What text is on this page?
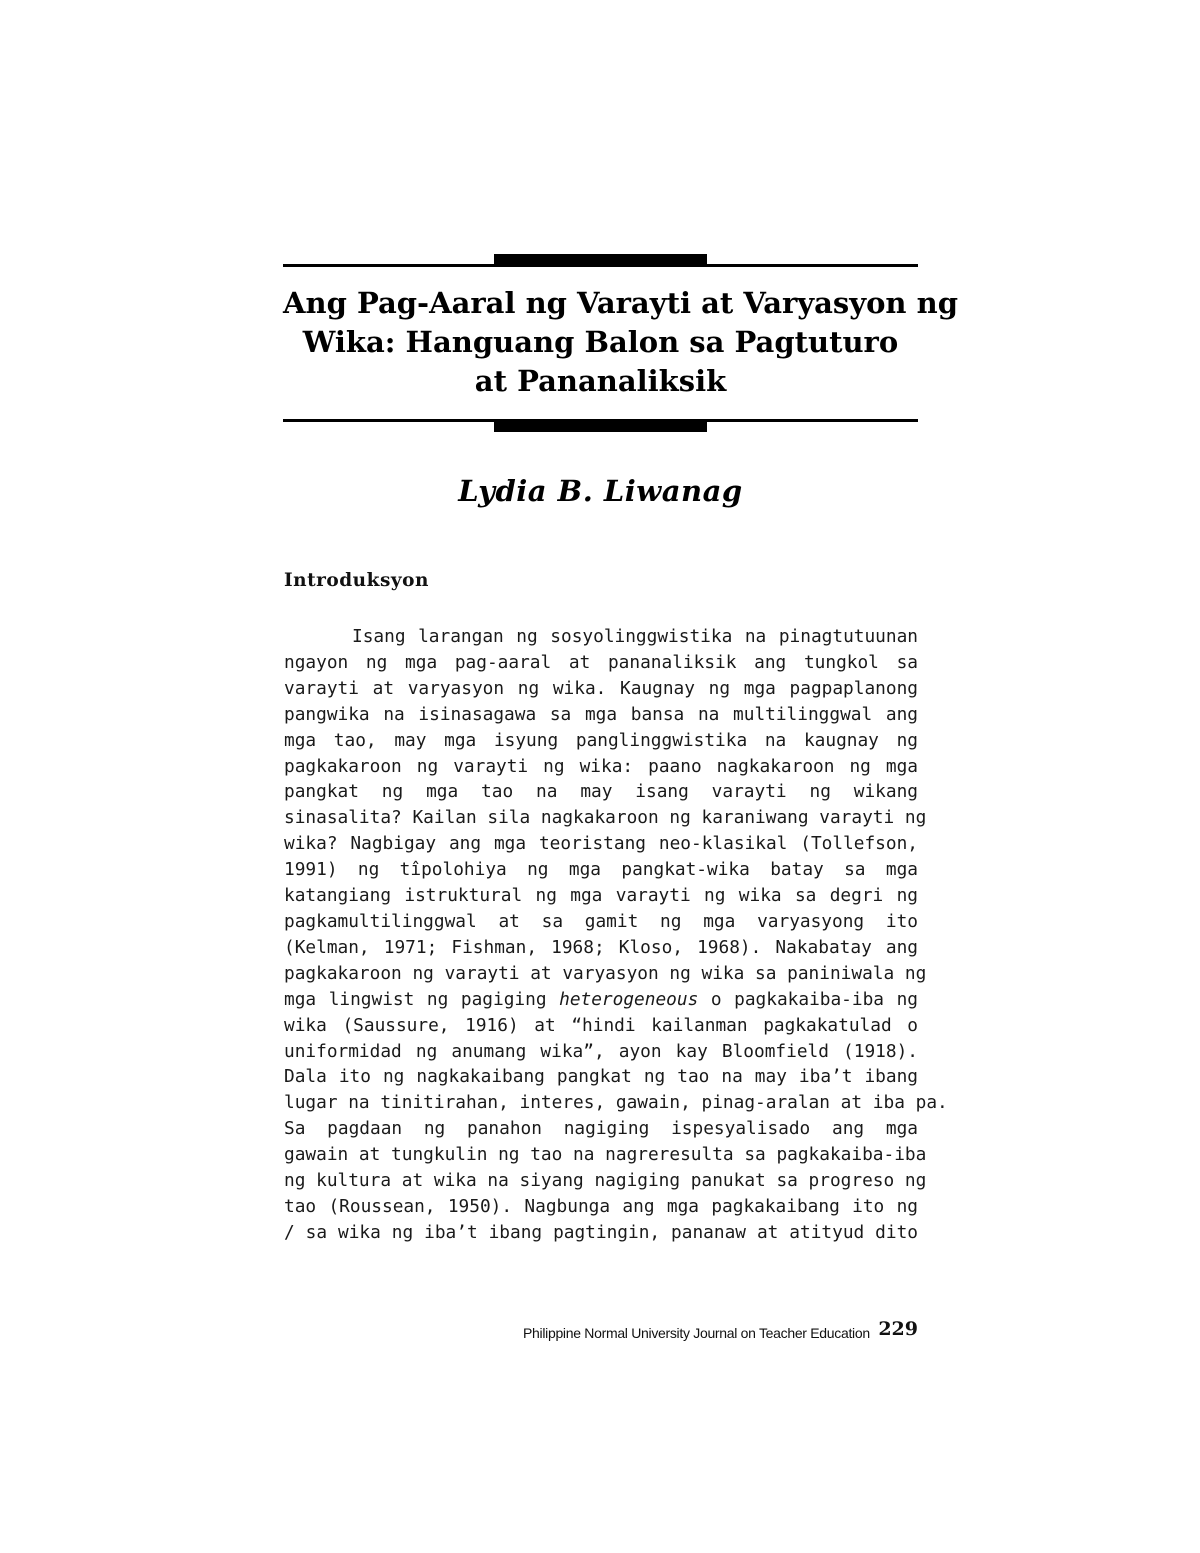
Ang Pag-Aaral ng Varayti at Varyasyon ng
Wika: Hanguang Balon sa Pagtuturo
at Pananaliksik
Lydia B. Liwanag
Introduksyon
Isang larangan ng sosyolinggwistika na pinagtutuunan
ngayon ng mga pag-aaral at pananaliksik ang tungkol sa
varayti at varyasyon ng wika. Kaugnay ng mga pagpaplanong
pangwika na isinasagawa sa mga bansa na multilinggwal ang
mga tao, may mga isyung panglinggwistika na kaugnay ng
pagkakaroon ng varayti ng wika: paano nagkakaroon ng mga
pangkat ng mga tao na may isang varayti ng wikang
sinasalita? Kailan sila nagkakaroon ng karaniwang varayti ng
wika? Nagbigay ang mga teoristang neo-klasikal (Tollefson,
1991) ng tîpolohiya ng mga pangkat-wika batay sa mga
katangiang istruktural ng mga varayti ng wika sa degri ng
pagkamultilinggwal at sa gamit ng mga varyasyong ito
(Kelman, 1971; Fishman, 1968; Kloso, 1968). Nakabatay ang
pagkakaroon ng varayti at varyasyon ng wika sa paniniwala ng
mga lingwist ng pagiging heterogeneous o pagkakaiba-iba ng
wika (Saussure, 1916) at “hindi kailanman pagkakatulad o
uniformidad ng anumang wika”, ayon kay Bloomfield (1918).
Dala ito ng nagkakaibang pangkat ng tao na may iba’t ibang
lugar na tinitirahan, interes, gawain, pinag-aralan at iba pa.
Sa pagdaan ng panahon nagiging ispesyalisado ang mga
gawain at tungkulin ng tao na nagreresulta sa pagkakaiba-iba
ng kultura at wika na siyang nagiging panukat sa progreso ng
tao (Roussean, 1950). Nagbunga ang mga pagkakaibang ito ng
/ sa wika ng iba’t ibang pagtingin, pananaw at atityud dito
Philippine Normal University Journal on Teacher Education 229
